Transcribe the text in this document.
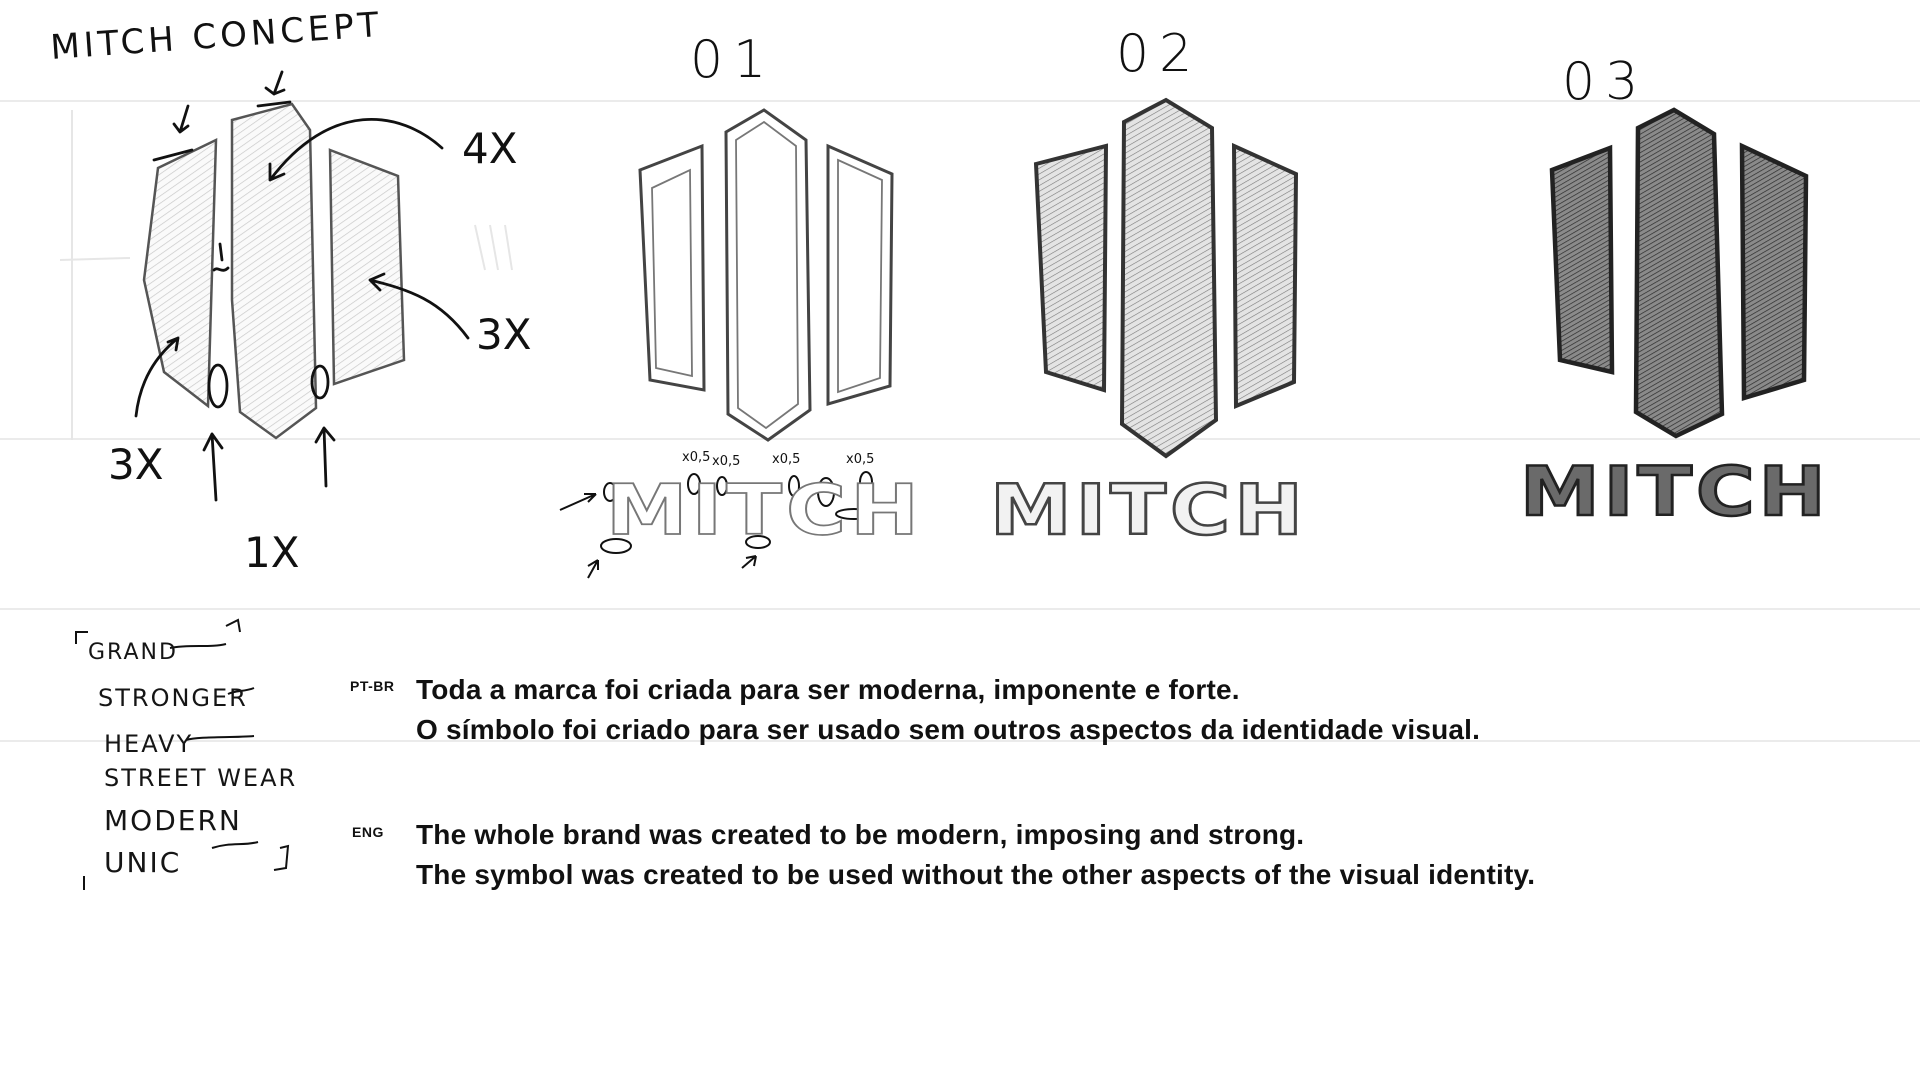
MITCH CONCEPT
4X
3X
3X
1X
x0,5 x0,5 x0,5	x0,5
01	02	03
MITCH MITCH	MITCH
GRAND
STRONGER
HEAVY
STREET WEAR
MODERN
UNIC
PT-BR Toda a marca foi criada para ser moderna, imponente e forte.
O símbolo foi criado para ser usado sem outros aspectos da identidade visual.
ENG The whole brand was created to be modern, imposing and strong.
The symbol was created to be used without the other aspects of the visual identity.
